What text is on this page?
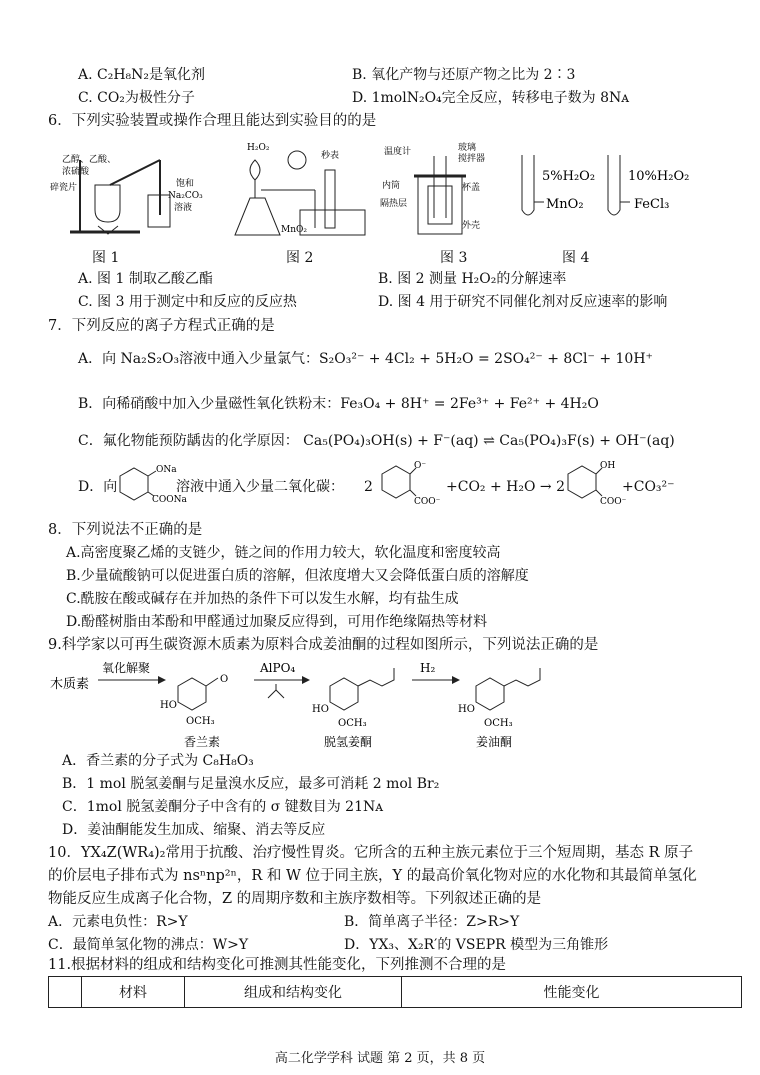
A. C₂H₈N₂是氧化剂	B. 氧化产物与还原产物之比为 2∶3
C. CO₂为极性分子	D. 1molN₂O₄完全反应，转移电子数为 8Nᴀ
6．下列实验装置或操作合理且能达到实验目的的是
乙醇、乙酸、
浓硫酸
碎瓷片	饱和
Na₂CO₃
溶液
H₂O₂
秒表
MnO₂
温度计	玻璃
搅拌器
杯盖
内筒
隔热层
外壳
5%H₂O₂
MnO₂
10%H₂O₂
FeCl₃
图 1	图 2	图 3	图 4
A. 图 1 制取乙酸乙酯	B. 图 2 测量 H₂O₂的分解速率
C. 图 3 用于测定中和反应的反应热	D. 图 4 用于研究不同催化剂对反应速率的影响
7．下列反应的离子方程式正确的是
A．向 Na₂S₂O₃溶液中通入少量氯气：S₂O₃²⁻ + 4Cl₂ + 5H₂O = 2SO₄²⁻ + 8Cl⁻ + 10H⁺
B．向稀硝酸中加入少量磁性氧化铁粉末：Fe₃O₄ + 8H⁺ = 2Fe³⁺ + Fe²⁺ + 4H₂O
C．氟化物能预防龋齿的化学原因： Ca₅(PO₄)₃OH(s) + F⁻(aq) ⇌ Ca₅(PO₄)₃F(s) + OH⁻(aq)
D．向
ONa
COONa
溶液中通入少量二氧化碳： 2
O⁻
COO⁻
+CO₂ + H₂O → 2
OH
COO⁻
+CO₃²⁻
8．下列说法不正确的是
A.高密度聚乙烯的支链少，链之间的作用力较大，软化温度和密度较高
B.少量硫酸钠可以促进蛋白质的溶解，但浓度增大又会降低蛋白质的溶解度
C.酰胺在酸或碱存在并加热的条件下可以发生水解，均有盐生成
D.酚醛树脂由苯酚和甲醛通过加聚反应得到，可用作绝缘隔热等材料
9.科学家以可再生碳资源木质素为原料合成姜油酮的过程如图所示，下列说法正确的是
木质素
氧化解聚
O
HO
OCH₃
AlPO₄
HO
OCH₃
H₂
HO
OCH₃
香兰素	脱氢姜酮	姜油酮
A．香兰素的分子式为 C₈H₈O₃
B．1 mol 脱氢姜酮与足量溴水反应，最多可消耗 2 mol Br₂
C．1mol 脱氢姜酮分子中含有的 σ 键数目为 21Nᴀ
D．姜油酮能发生加成、缩聚、消去等反应
10．YX₄Z(WR₄)₂常用于抗酸、治疗慢性胃炎。它所含的五种主族元素位于三个短周期，基态 R 原子
的价层电子排布式为 nsⁿnp²ⁿ，R 和 W 位于同主族，Y 的最高价氧化物对应的水化物和其最简单氢化
物能反应生成离子化合物，Z 的周期序数和主族序数相等。下列叙述正确的是
A．元素电负性：R>Y	B．简单离子半径：Z>R>Y
C．最简单氢化物的沸点：W>Y	D．YX₃、X₂R′的 VSEPR 模型为三角锥形
11.根据材料的组成和结构变化可推测其性能变化，下列推测不合理的是
	材料	组成和结构变化	性能变化
高二化学学科 试题 第 2 页，共 8 页
